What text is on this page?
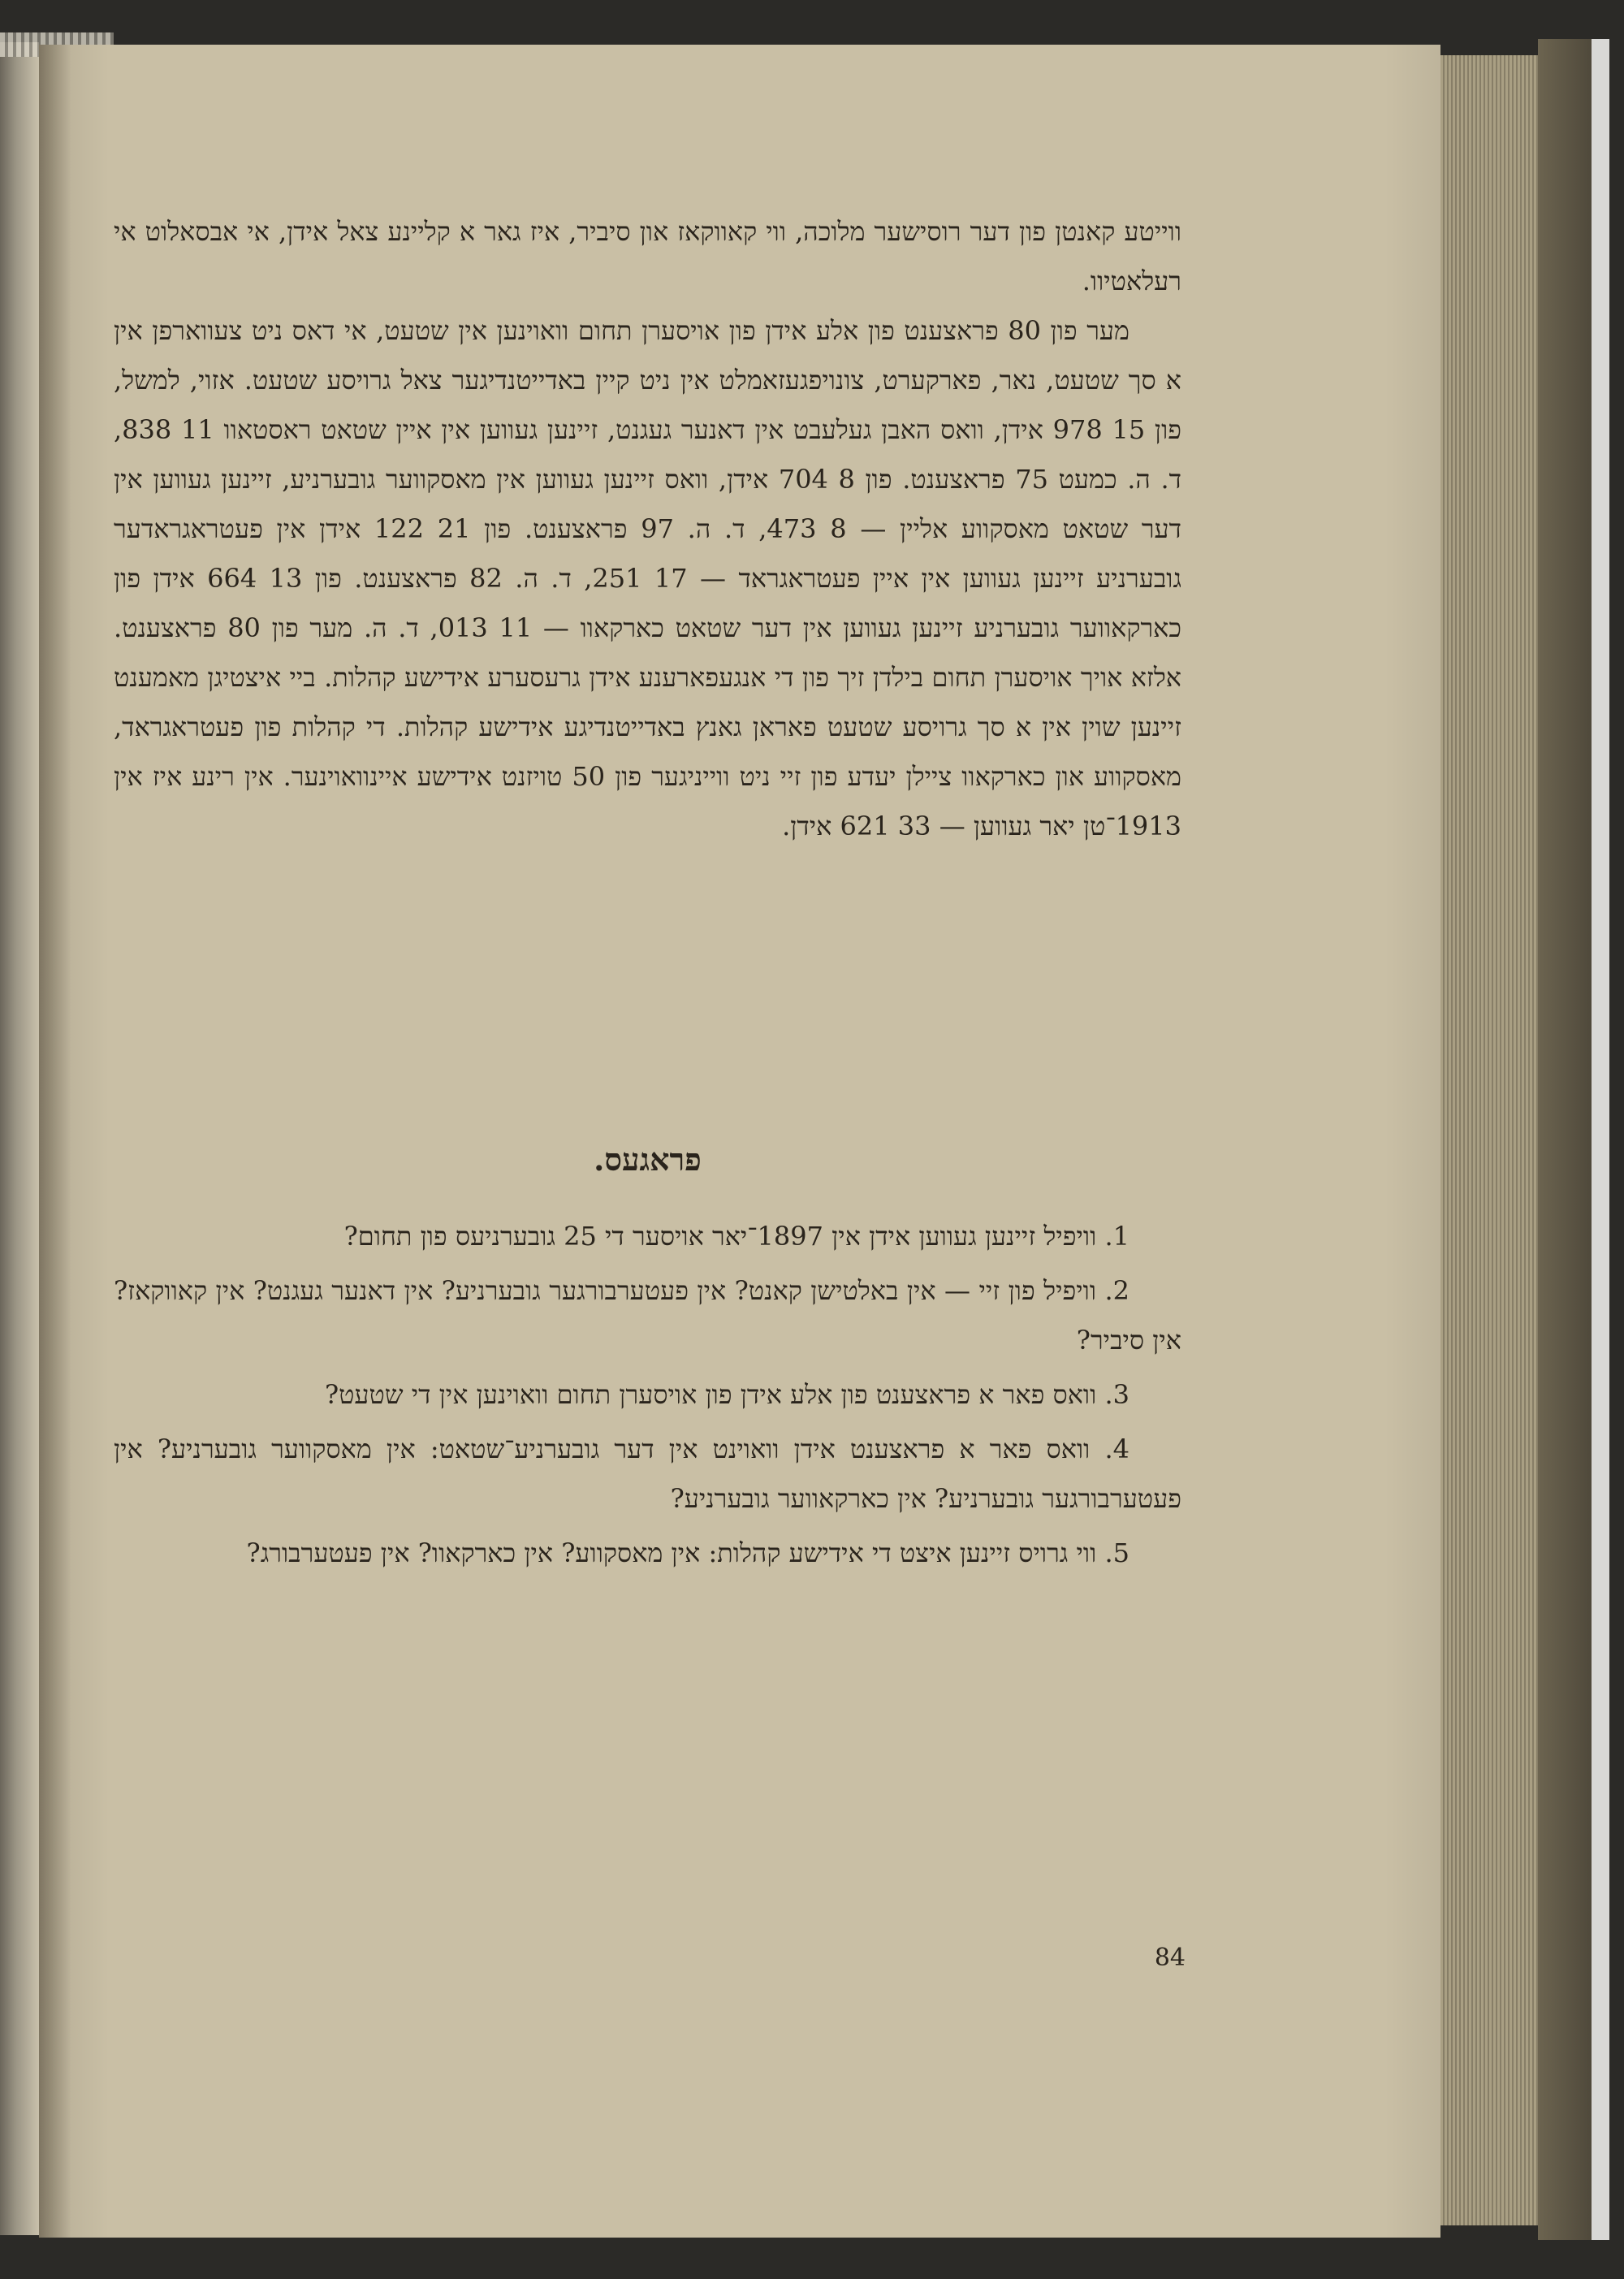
ווייטע קאנטן פון דער רוסישער מלוכה, ווי קאווקאז און סיביר, איז גאר א קליינע צאל אידן, אי אבסאלוט אי רעלאטיוו.

מער פון 80 פראצענט פון אלע אידן פון אויסערן תחום וואוינען אין שטעט, אי דאס ניט צעווארפן אין א סך שטעט, נאר, פארקערט, צונויפגעזאמלט אין ניט קיין באדייטנדיגער צאל גרויסע שטעט. אזוי, למשל, פון 15 978 אידן, וואס האבן געלעבט אין דאנער געגנט, זיינען געווען אין איין שטאט ראסטאוו 11 838, ד. ה. כמעט 75 פראצענט. פון 8 704 אידן, וואס זיינען געווען אין מאסקווער גובערניע, זיינען געווען אין דער שטאט מאסקווע אליין — 8 473, ד. ה. 97 פראצענט. פון 21 122 אידן אין פעטראגראדער גובערניע זיינען געווען אין איין פעטראגראד — 17 251, ד. ה. 82 פראצענט. פון 13 664 אידן פון כארקאווער גובערניע זיינען געווען אין דער שטאט כארקאוו — 11 013, ד. ה. מער פון 80 פראצענט. אלזא אויך אויסערן תחום בילדן זיך פון די אנגעפארענע אידן גרעסערע אידישע קהלות. ביי איצטיגן מאמענט זיינען שוין אין א סך גרויסע שטעט פאראן גאנץ באדייטנדיגע אידישע קהלות. די קהלות פון פעטראגראד, מאסקווע און כארקאוו ציילן יעדע פון זיי ניט ווייניגער פון 50 טויזנט אידישע איינוואוינער. אין רינע איז אין 1913־טן יאר געווען — 33 621 אידן.

פראגעס.

1. וויפיל זיינען געווען אידן אין 1897־יאר אויסער די 25 גובערניעס פון תחום?

2. וויפיל פון זיי — אין באלטישן קאנט? אין פעטערבורגער גובערניע? אין דאנער געגנט? אין קאווקאז? אין סיביר?

3. וואס פאר א פראצענט פון אלע אידן פון אויסערן תחום וואוינען אין די שטעט?

4. וואס פאר א פראצענט אידן וואוינט אין דער גובערניע־שטאט: אין מאסקווער גובערניע? אין פעטערבורגער גובערניע? אין כארקאווער גובערניע?

5. ווי גרויס זיינען איצט די אידישע קהלות: אין מאסקווע? אין כארקאוו? אין פעטערבורג?

84
